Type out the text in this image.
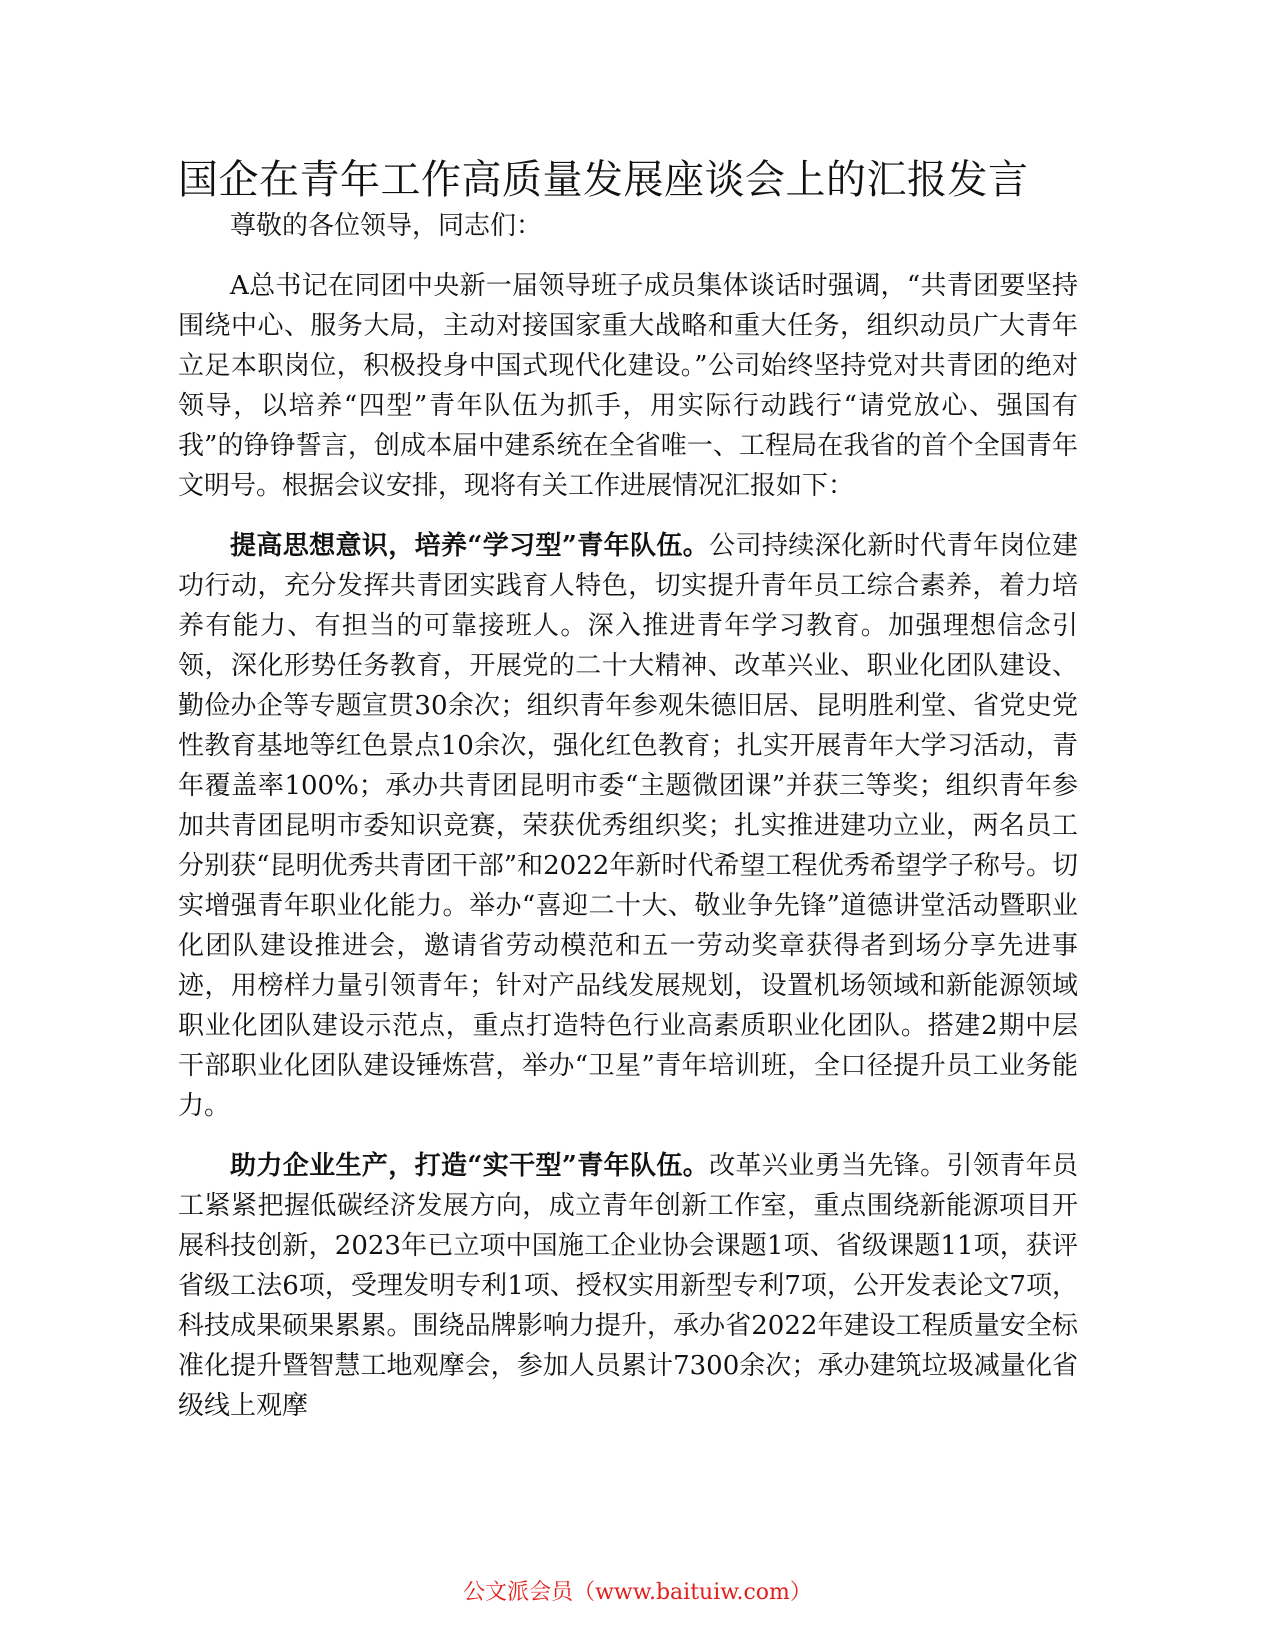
国企在青年工作高质量发展座谈会上的汇报发言

尊敬的各位领导，同志们：

A总书记在同团中央新一届领导班子成员集体谈话时强调，“共青团要坚持围绕中心、服务大局，主动对接国家重大战略和重大任务，组织动员广大青年立足本职岗位，积极投身中国式现代化建设。”公司始终坚持党对共青团的绝对领导，以培养“四型”青年队伍为抓手，用实际行动践行“请党放心、强国有我”的铮铮誓言，创成本届中建系统在全省唯一、工程局在我省的首个全国青年文明号。根据会议安排，现将有关工作进展情况汇报如下：

提高思想意识，培养“学习型”青年队伍。公司持续深化新时代青年岗位建功行动，充分发挥共青团实践育人特色，切实提升青年员工综合素养，着力培养有能力、有担当的可靠接班人。深入推进青年学习教育。加强理想信念引领，深化形势任务教育，开展党的二十大精神、改革兴业、职业化团队建设、勤俭办企等专题宣贯30余次；组织青年参观朱德旧居、昆明胜利堂、省党史党性教育基地等红色景点10余次，强化红色教育；扎实开展青年大学习活动，青年覆盖率100%；承办共青团昆明市委“主题微团课”并获三等奖；组织青年参加共青团昆明市委知识竞赛，荣获优秀组织奖；扎实推进建功立业，两名员工分别获“昆明优秀共青团干部”和2022年新时代希望工程优秀希望学子称号。切实增强青年职业化能力。举办“喜迎二十大、敬业争先锋”道德讲堂活动暨职业化团队建设推进会，邀请省劳动模范和五一劳动奖章获得者到场分享先进事迹，用榜样力量引领青年；针对产品线发展规划，设置机场领域和新能源领域职业化团队建设示范点，重点打造特色行业高素质职业化团队。搭建2期中层干部职业化团队建设锤炼营，举办“卫星”青年培训班，全口径提升员工业务能力。

助力企业生产，打造“实干型”青年队伍。改革兴业勇当先锋。引领青年员工紧紧把握低碳经济发展方向，成立青年创新工作室，重点围绕新能源项目开展科技创新，2023年已立项中国施工企业协会课题1项、省级课题11项，获评省级工法6项，受理发明专利1项、授权实用新型专利7项，公开发表论文7项，科技成果硕果累累。围绕品牌影响力提升，承办省2022年建设工程质量安全标准化提升暨智慧工地观摩会，参加人员累计7300余次；承办建筑垃圾减量化省级线上观摩

公文派会员（www.baituiw.com）
